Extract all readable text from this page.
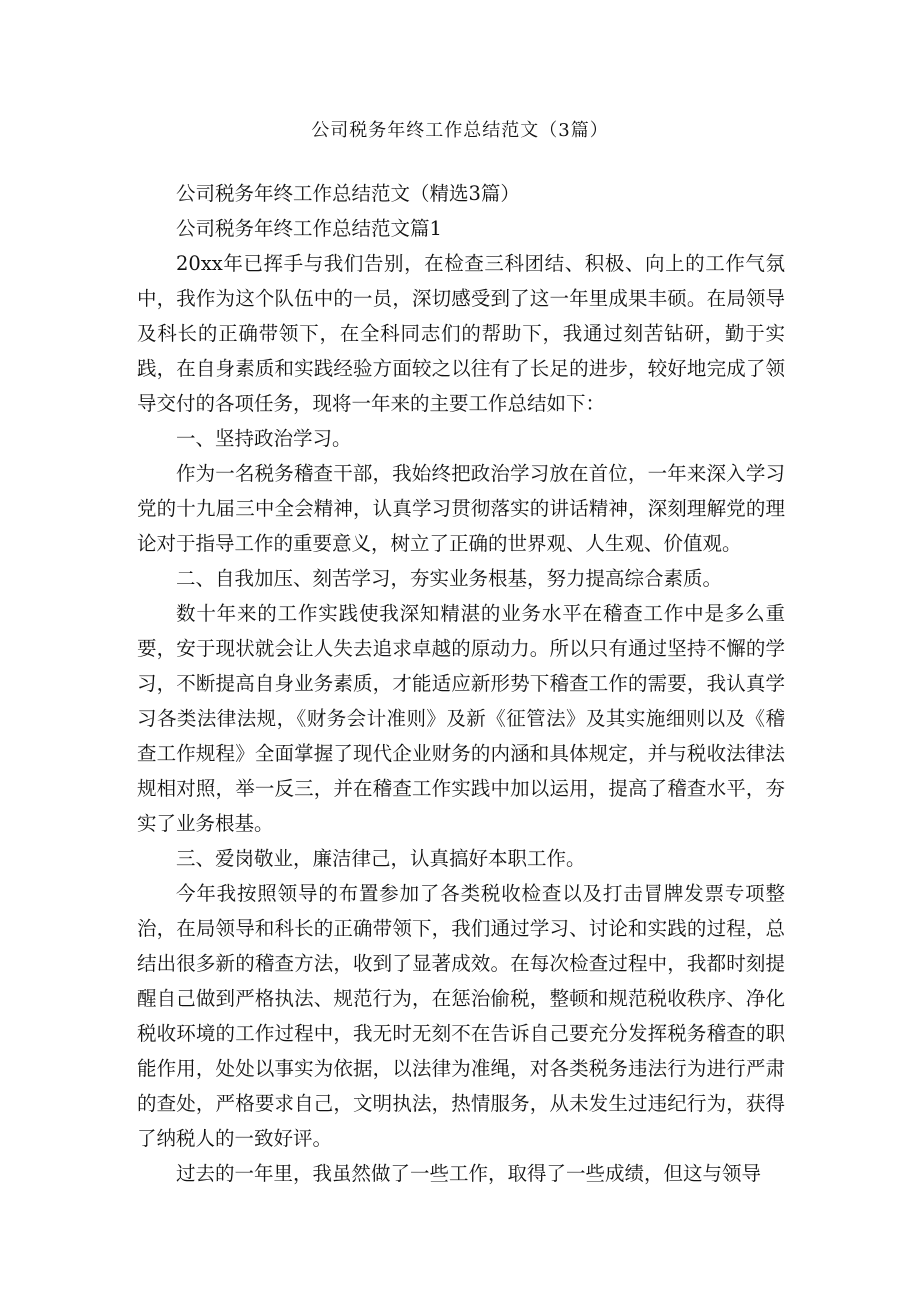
公司税务年终工作总结范文（3篇）

公司税务年终工作总结范文（精选3篇）

公司税务年终工作总结范文篇1

20xx年已挥手与我们告别，在检查三科团结、积极、向上的工作气氛中，我作为这个队伍中的一员，深切感受到了这一年里成果丰硕。在局领导及科长的正确带领下，在全科同志们的帮助下，我通过刻苦钻研，勤于实践，在自身素质和实践经验方面较之以往有了长足的进步，较好地完成了领导交付的各项任务，现将一年来的主要工作总结如下：

一、坚持政治学习。

作为一名税务稽查干部，我始终把政治学习放在首位，一年来深入学习党的十九届三中全会精神，认真学习贯彻落实的讲话精神，深刻理解党的理论对于指导工作的重要意义，树立了正确的世界观、人生观、价值观。

二、自我加压、刻苦学习，夯实业务根基，努力提高综合素质。

数十年来的工作实践使我深知精湛的业务水平在稽查工作中是多么重要，安于现状就会让人失去追求卓越的原动力。所以只有通过坚持不懈的学习，不断提高自身业务素质，才能适应新形势下稽查工作的需要，我认真学习各类法律法规，《财务会计准则》及新《征管法》及其实施细则以及《稽查工作规程》全面掌握了现代企业财务的内涵和具体规定，并与税收法律法规相对照，举一反三，并在稽查工作实践中加以运用，提高了稽查水平，夯实了业务根基。

三、爱岗敬业，廉洁律己，认真搞好本职工作。

今年我按照领导的布置参加了各类税收检查以及打击冒牌发票专项整治，在局领导和科长的正确带领下，我们通过学习、讨论和实践的过程，总结出很多新的稽查方法，收到了显著成效。在每次检查过程中，我都时刻提醒自己做到严格执法、规范行为，在惩治偷税，整顿和规范税收秩序、净化税收环境的工作过程中，我无时无刻不在告诉自己要充分发挥税务稽查的职能作用，处处以事实为依据，以法律为准绳，对各类税务违法行为进行严肃的查处，严格要求自己，文明执法，热情服务，从未发生过违纪行为，获得了纳税人的一致好评。

过去的一年里，我虽然做了一些工作，取得了一些成绩，但这与领导
